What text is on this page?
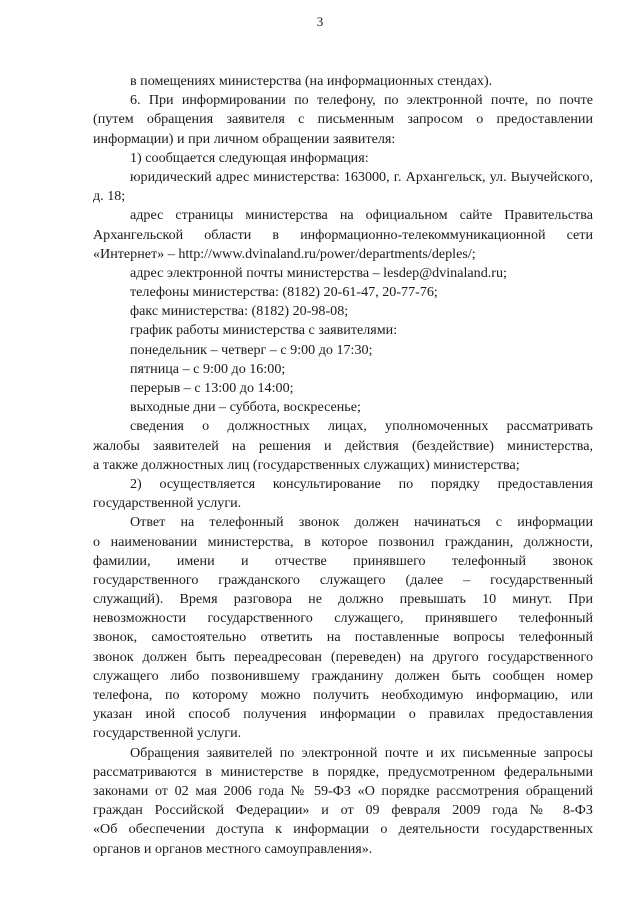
3
в помещениях министерства (на информационных стендах).
6. При информировании по телефону, по электронной почте, по почте
(путем обращения заявителя с письменным запросом о предоставлении
информации) и при личном обращении заявителя:
1) сообщается следующая информация:
юридический адрес министерства: 163000, г. Архангельск, ул. Выучейского,
д. 18;
адрес страницы министерства на официальном сайте Правительства
Архангельской области в информационно-телекоммуникационной сети
«Интернет» – http://www.dvinaland.ru/power/departments/deples/;
адрес электронной почты министерства – lesdep@dvinaland.ru;
телефоны министерства: (8182) 20-61-47, 20-77-76;
факс министерства: (8182) 20-98-08;
график работы министерства с заявителями:
понедельник – четверг – с 9:00 до 17:30;
пятница – с 9:00 до 16:00;
перерыв – с 13:00 до 14:00;
выходные дни – суббота, воскресенье;
сведения о должностных лицах, уполномоченных рассматривать
жалобы заявителей на решения и действия (бездействие) министерства,
а также должностных лиц (государственных служащих) министерства;
2) осуществляется консультирование по порядку предоставления
государственной услуги.
Ответ на телефонный звонок должен начинаться с информации
о наименовании министерства, в которое позвонил гражданин, должности,
фамилии, имени и отчестве принявшего телефонный звонок
государственного гражданского служащего (далее – государственный
служащий). Время разговора не должно превышать 10 минут. При
невозможности государственного служащего, принявшего телефонный
звонок, самостоятельно ответить на поставленные вопросы телефонный
звонок должен быть переадресован (переведен) на другого государственного
служащего либо позвонившему гражданину должен быть сообщен номер
телефона, по которому можно получить необходимую информацию, или
указан иной способ получения информации о правилах предоставления
государственной услуги.
Обращения заявителей по электронной почте и их письменные запросы
рассматриваются в министерстве в порядке, предусмотренном федеральными
законами от 02 мая 2006 года № 59-ФЗ «О порядке рассмотрения обращений
граждан Российской Федерации» и от 09 февраля 2009 года № 8-ФЗ
«Об обеспечении доступа к информации о деятельности государственных
органов и органов местного самоуправления».
